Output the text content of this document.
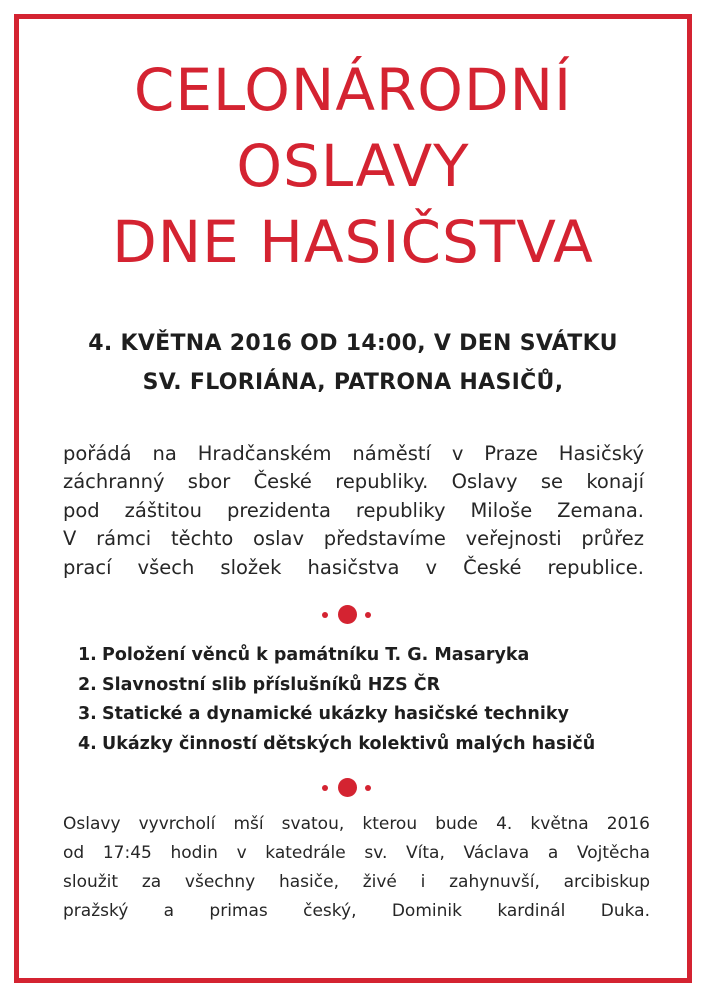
CELONÁRODNÍ
OSLAVY
DNE HASIČSTVA
4. KVĚTNA 2016 OD 14:00, V DEN SVÁTKU
SV. FLORIÁNA, PATRONA HASIČŮ,

pořádá na Hradčanském náměstí v Praze Hasičský
záchranný sbor České republiky. Oslavy se konají
pod záštitou prezidenta republiky Miloše Zemana.
V rámci těchto oslav představíme veřejnosti průřez
prací všech složek hasičstva v České republice.

1. Položení věnců k památníku T. G. Masaryka
2. Slavnostní slib příslušníků HZS ČR
3. Statické a dynamické ukázky hasičské techniky
4. Ukázky činností dětských kolektivů malých hasičů

Oslavy vyvrcholí mší svatou, kterou bude 4. května 2016
od 17:45 hodin v katedrále sv. Víta, Václava a Vojtěcha
sloužit za všechny hasiče, živé i zahynuvší, arcibiskup
pražský a primas český, Dominik kardinál Duka.
